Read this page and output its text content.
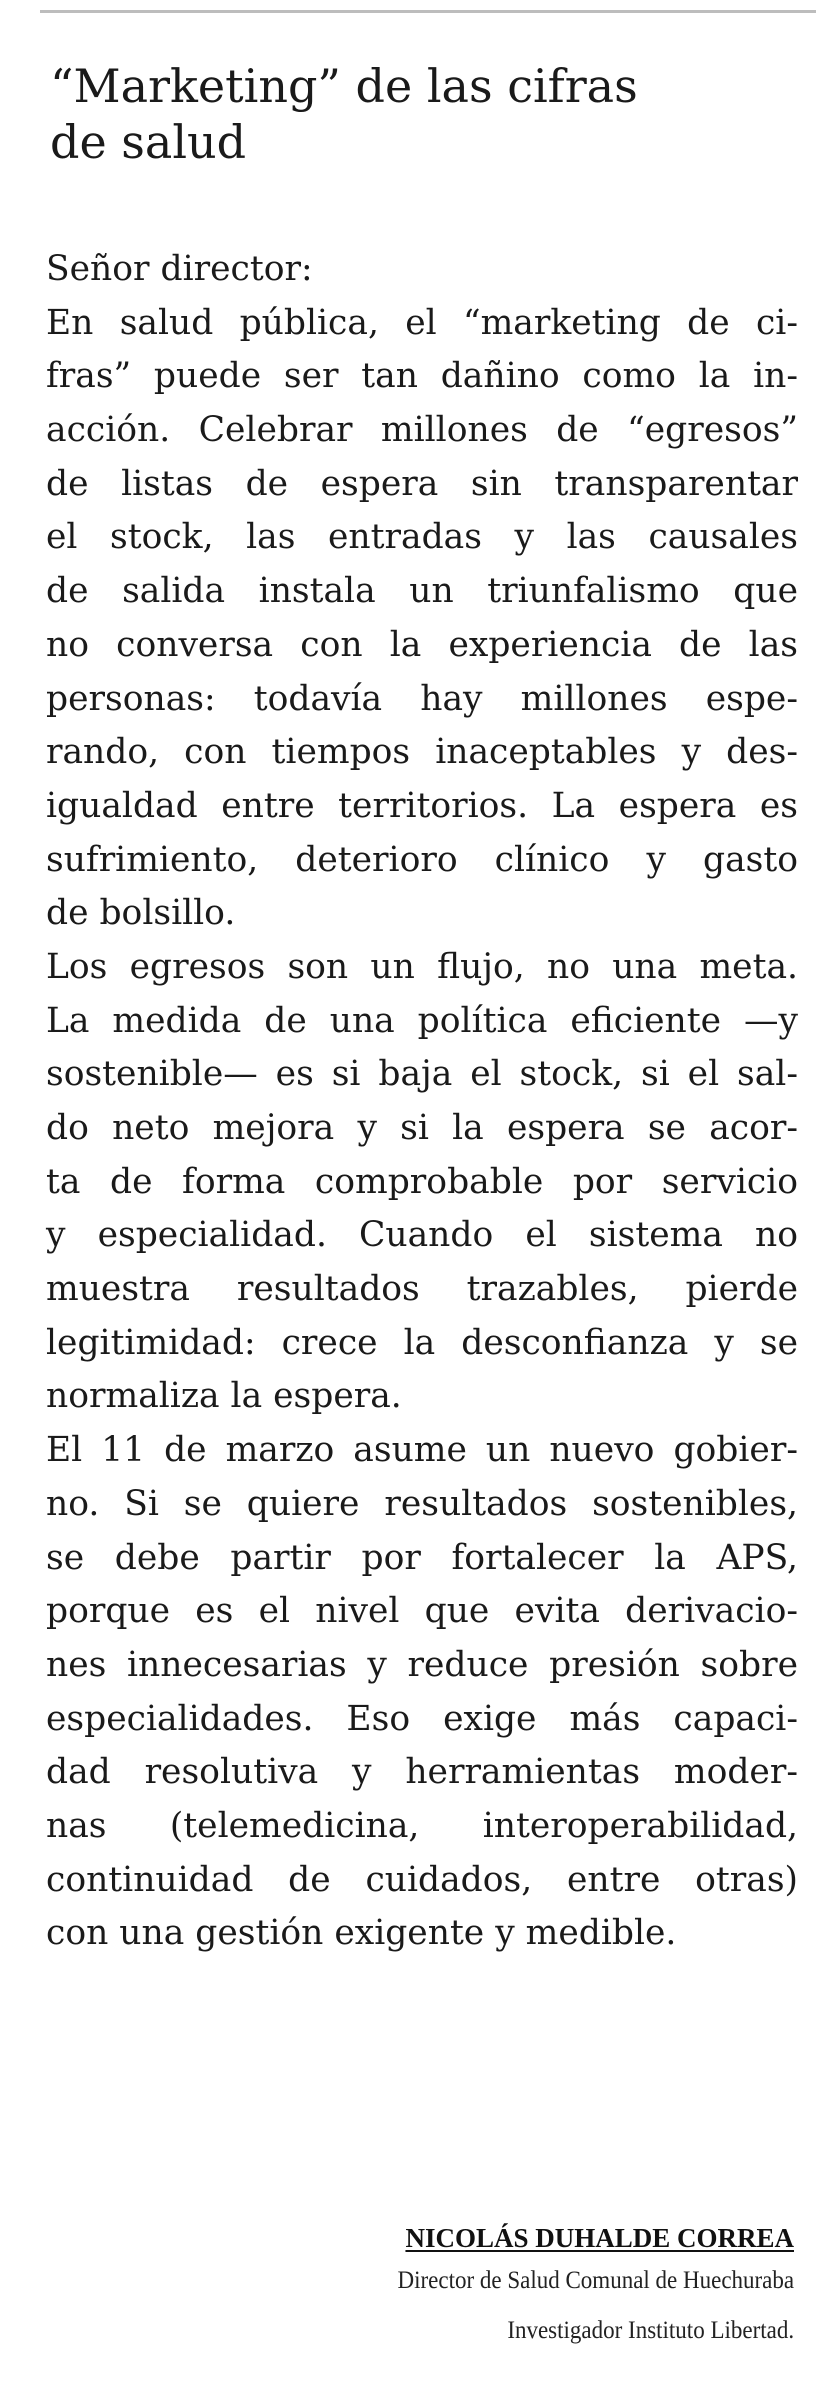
“Marketing” de las cifras
de salud
Señor director:
En salud pública, el “marketing de ci-
fras” puede ser tan dañino como la in-
acción. Celebrar millones de “egresos”
de listas de espera sin transparentar
el stock, las entradas y las causales
de salida instala un triunfalismo que
no conversa con la experiencia de las
personas: todavía hay millones espe-
rando, con tiempos inaceptables y des-
igualdad entre territorios. La espera es
sufrimiento, deterioro clínico y gasto
de bolsillo.
Los egresos son un flujo, no una meta.
La medida de una política eficiente —y
sostenible— es si baja el stock, si el sal-
do neto mejora y si la espera se acor-
ta de forma comprobable por servicio
y especialidad. Cuando el sistema no
muestra resultados trazables, pierde
legitimidad: crece la desconfianza y se
normaliza la espera.
El 11 de marzo asume un nuevo gobier-
no. Si se quiere resultados sostenibles,
se debe partir por fortalecer la APS,
porque es el nivel que evita derivacio-
nes innecesarias y reduce presión sobre
especialidades. Eso exige más capaci-
dad resolutiva y herramientas moder-
nas (telemedicina, interoperabilidad,
continuidad de cuidados, entre otras)
con una gestión exigente y medible.
NICOLÁS DUHALDE CORREA
Director de Salud Comunal de Huechuraba
Investigador Instituto Libertad.
